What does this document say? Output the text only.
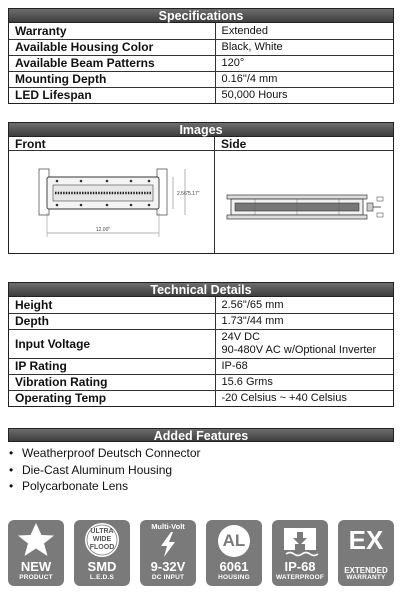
Specifications
Warranty	Extended
Available Housing Color	Black, White
Available Beam Patterns	120°
Mounting Depth	0.16"/4 mm
LED Lifespan	50,000 Hours
Images
Front	Side
12.00"
2.56" 5.17"
Technical Details
Height	2.56"/65 mm
Depth	1.73"/44 mm
Input Voltage	24V DC
90-480V AC w/Optional Inverter

IP Rating	IP-68
Vibration Rating	15.6 Grms
Operating Temp	-20 Celsius ~ +40 Celsius
Added Features
• Weatherproof Deutsch Connector
• Die-Cast Aluminum Housing
• Polycarbonate Lens
NEW
PRODUCT
ULTRA
WIDE
FLOOD
SMD
L.E.D.S
Multi-Volt
9-32V
DC INPUT
AL
6061
HOUSING
IP-68
WATERPROOF
EX
EXTENDED
WARRANTY
